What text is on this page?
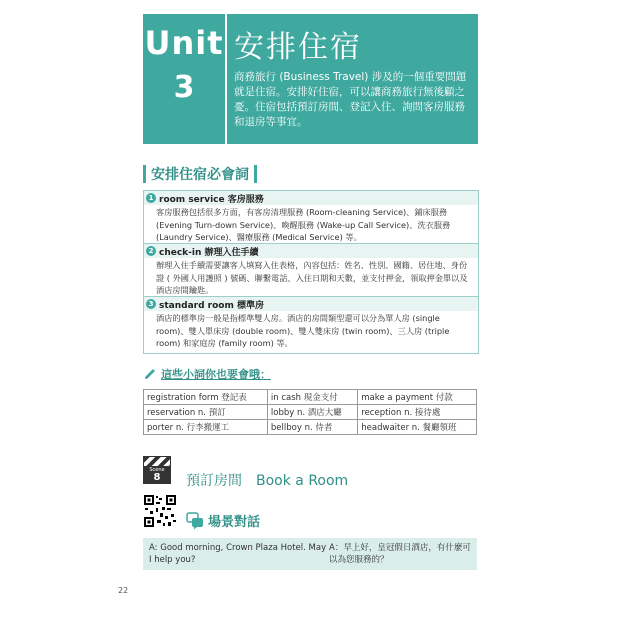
Unit
3
安排住宿
商務旅行 (Business Travel) 涉及的一個重要問題就是住宿。安排好住宿，可以讓商務旅行無後顧之憂。住宿包括預訂房間、登記入住、詢問客房服務和退房等事宜。
安排住宿必會詞
1 room service 客房服務
客房服務包括很多方面，有客房清理服務 (Room-cleaning Service)、鋪床服務 (Evening Turn-down Service)、喚醒服務 (Wake-up Call Service)、洗衣服務 (Laundry Service)、醫療服務 (Medical Service) 等。
2 check-in 辦理入住手續
辦理入住手續需要讓客人填寫入住表格，內容包括：姓名、性別、國籍、居住地、身份證 ( 外國人用護照 ) 號碼、聯繫電話、入住日期和天數，並支付押金，領取押金單以及酒店房間鑰匙。
3 standard room 標準房
酒店的標準房一般是指標準雙人房。酒店的房間類型還可以分為單人房 (single room)、雙人單床房 (double room)、雙人雙床房 (twin room)、三人房 (triple room) 和家庭房 (family room) 等。
這些小詞你也要會哦：
registration form 登記表	in cash 現金支付	make a payment 付款
reservation n. 預訂	lobby n. 酒店大廳	reception n. 接待處
porter n. 行李搬運工	bellboy n. 侍者	headwaiter n. 餐廳領班
Scene
8	預訂房間　Book a Room
場景對話
A: Good morning, Crown Plaza Hotel. May I help you?
A：早上好，皇冠假日酒店，有什麼可以為您服務的？
22
